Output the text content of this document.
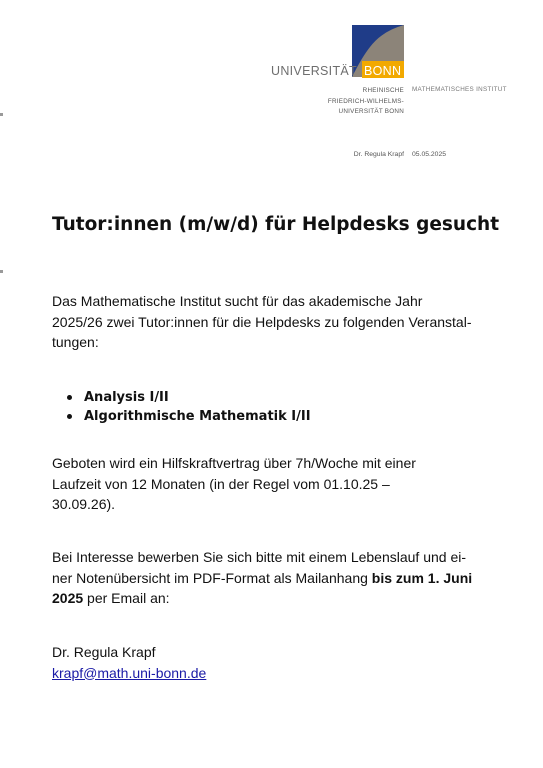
UNIVERSITÄT BONN
RHEINISCHE
FRIEDRICH-WILHELMS-
UNIVERSITÄT BONN
MATHEMATISCHES INSTITUT
Dr. Regula Krapf 05.05.2025
Tutor:innen (m/w/d) für Helpdesks gesucht

Das Mathematische Institut sucht für das akademische Jahr
2025/26 zwei Tutor:innen für die Helpdesks zu folgenden Veranstal-
tungen:

Analysis I/II
Algorithmische Mathematik I/II

Geboten wird ein Hilfskraftvertrag über 7h/Woche mit einer
Laufzeit von 12 Monaten (in der Regel vom 01.10.25 –
30.09.26).

Bei Interesse bewerben Sie sich bitte mit einem Lebenslauf und ei-
ner Notenübersicht im PDF-Format als Mailanhang bis zum 1. Juni
2025 per Email an:

Dr. Regula Krapf
krapf@math.uni-bonn.de
